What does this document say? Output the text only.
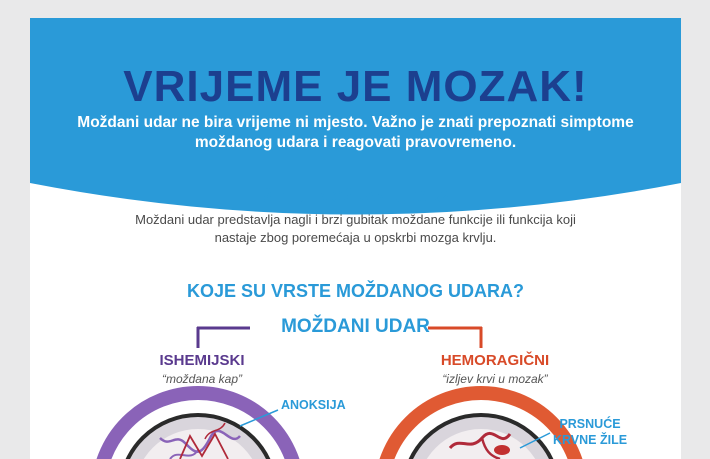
VRIJEME JE MOZAK!
Moždani udar ne bira vrijeme ni mjesto. Važno je znati prepoznati simptome moždanog udara i reagovati pravovremeno.
ŠTA JE MOŽDANI UDAR?
Moždani udar predstavlja nagli i brzi gubitak moždane funkcije ili funkcija koji nastaje zbog poremećaja u opskrbi mozga krvlju.
KOJE SU VRSTE MOŽDANOG UDARA?
MOŽDANI UDAR
ISHEMIJSKI
“moždana kap”
HEMORAGIČNI
“izljev krvi u mozak”
ANOKSIJA
PRSNUĆE KRVNE ŽILE
